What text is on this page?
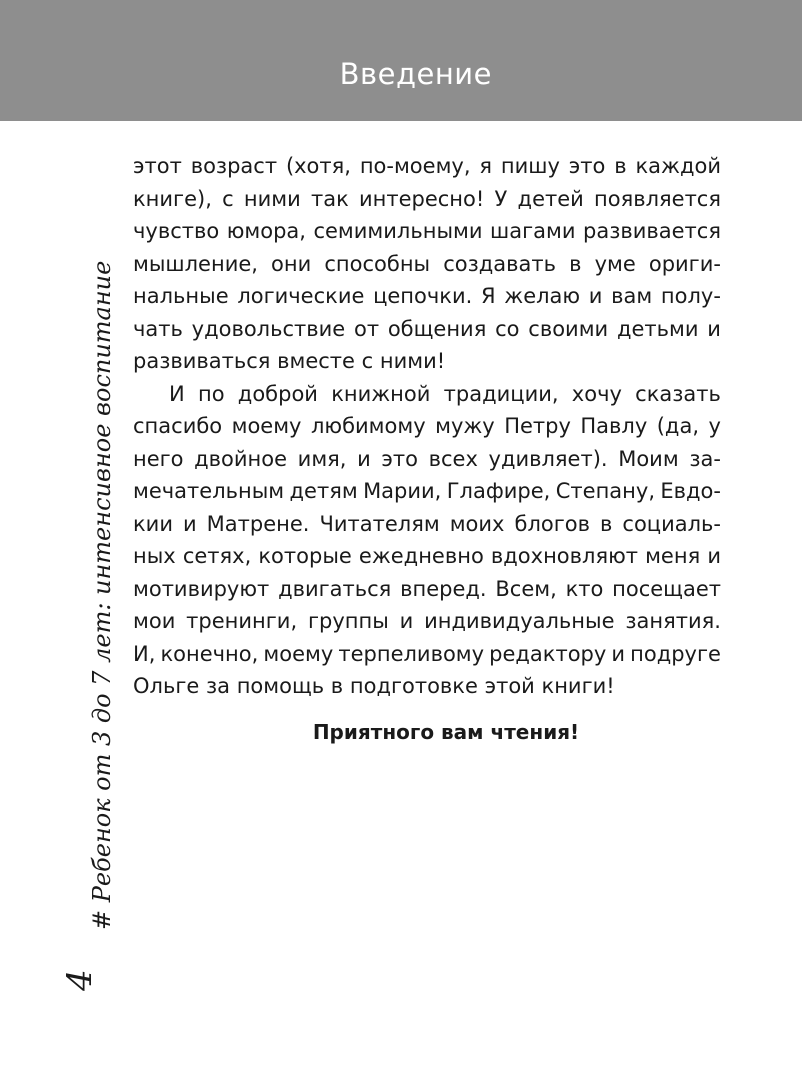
Введение
этот возраст (хотя, по-моему, я пишу это в каждой
книге), с ними так интересно! У детей появляется
чувство юмора, семимильными шагами развивается
мышление, они способны создавать в уме ориги-
нальные логические цепочки. Я желаю и вам полу-
чать удовольствие от общения со своими детьми и
развиваться вместе с ними!
И по доброй книжной традиции, хочу сказать
спасибо моему любимому мужу Петру Павлу (да, у
него двойное имя, и это всех удивляет). Моим за-
мечательным детям Марии, Глафире, Степану, Евдо-
кии и Матрене. Читателям моих блогов в социаль-
ных сетях, которые ежедневно вдохновляют меня и
мотивируют двигаться вперед. Всем, кто посещает
мои тренинги, группы и индивидуальные занятия.
И, конечно, моему терпеливому редактору и подруге
Ольге за помощь в подготовке этой книги!
Приятного вам чтения!
# Ребенок от 3 до 7 лет: интенсивное воспитание
4
